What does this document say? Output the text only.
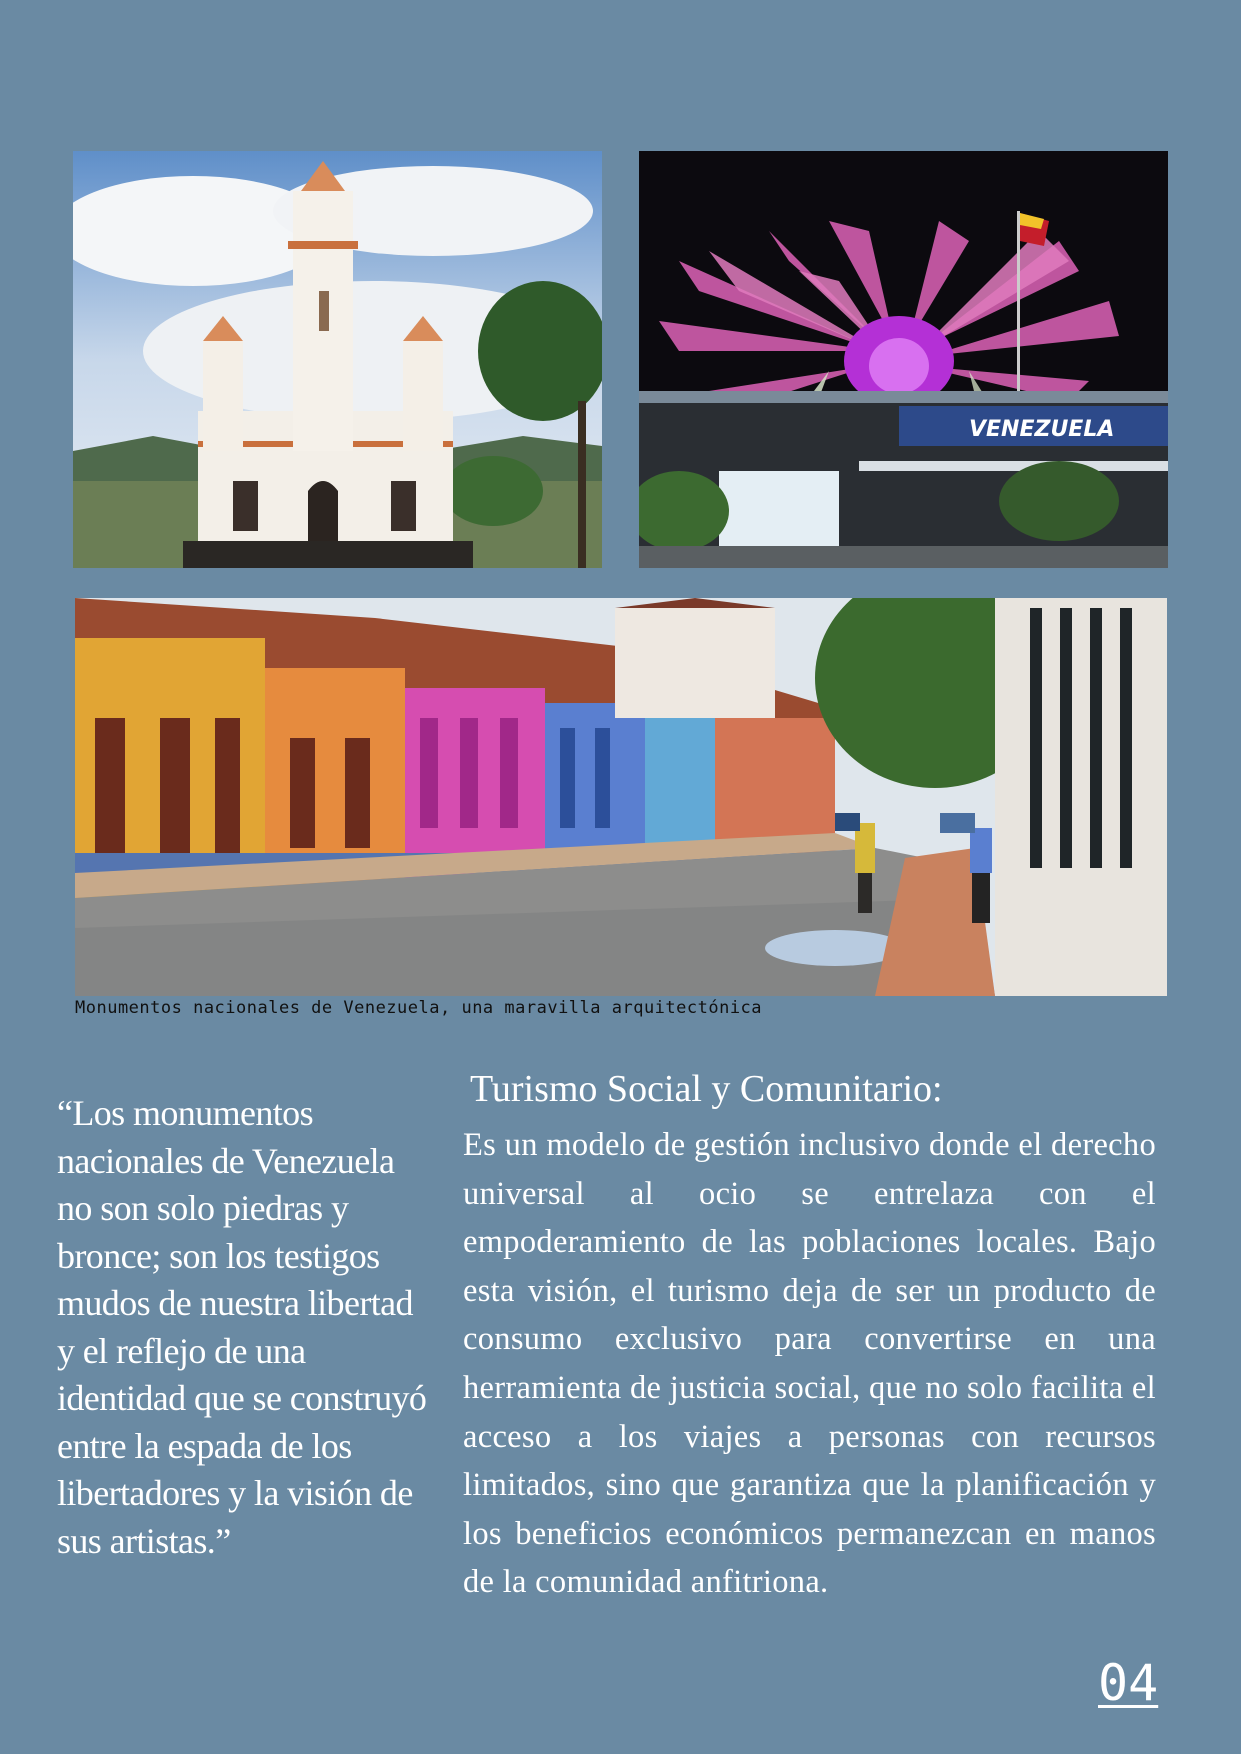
VENEZUELA
Monumentos nacionales de Venezuela, una maravilla arquitectónica
“Los monumentos nacionales de Venezuela no son solo piedras y bronce; son los testigos mudos de nuestra libertad y el reflejo de una identidad que se construyó entre la espada de los libertadores y la visión de sus artistas.”
Turismo Social y Comunitario:
Es un modelo de gestión inclusivo donde el derecho universal al ocio se entrelaza con el empoderamiento de las poblaciones locales. Bajo esta visión, el turismo deja de ser un producto de consumo exclusivo para convertirse en una herramienta de justicia social, que no solo facilita el acceso a los viajes a personas con recursos limitados, sino que garantiza que la planificación y los beneficios económicos permanezcan en manos de la comunidad anfitriona.
04
